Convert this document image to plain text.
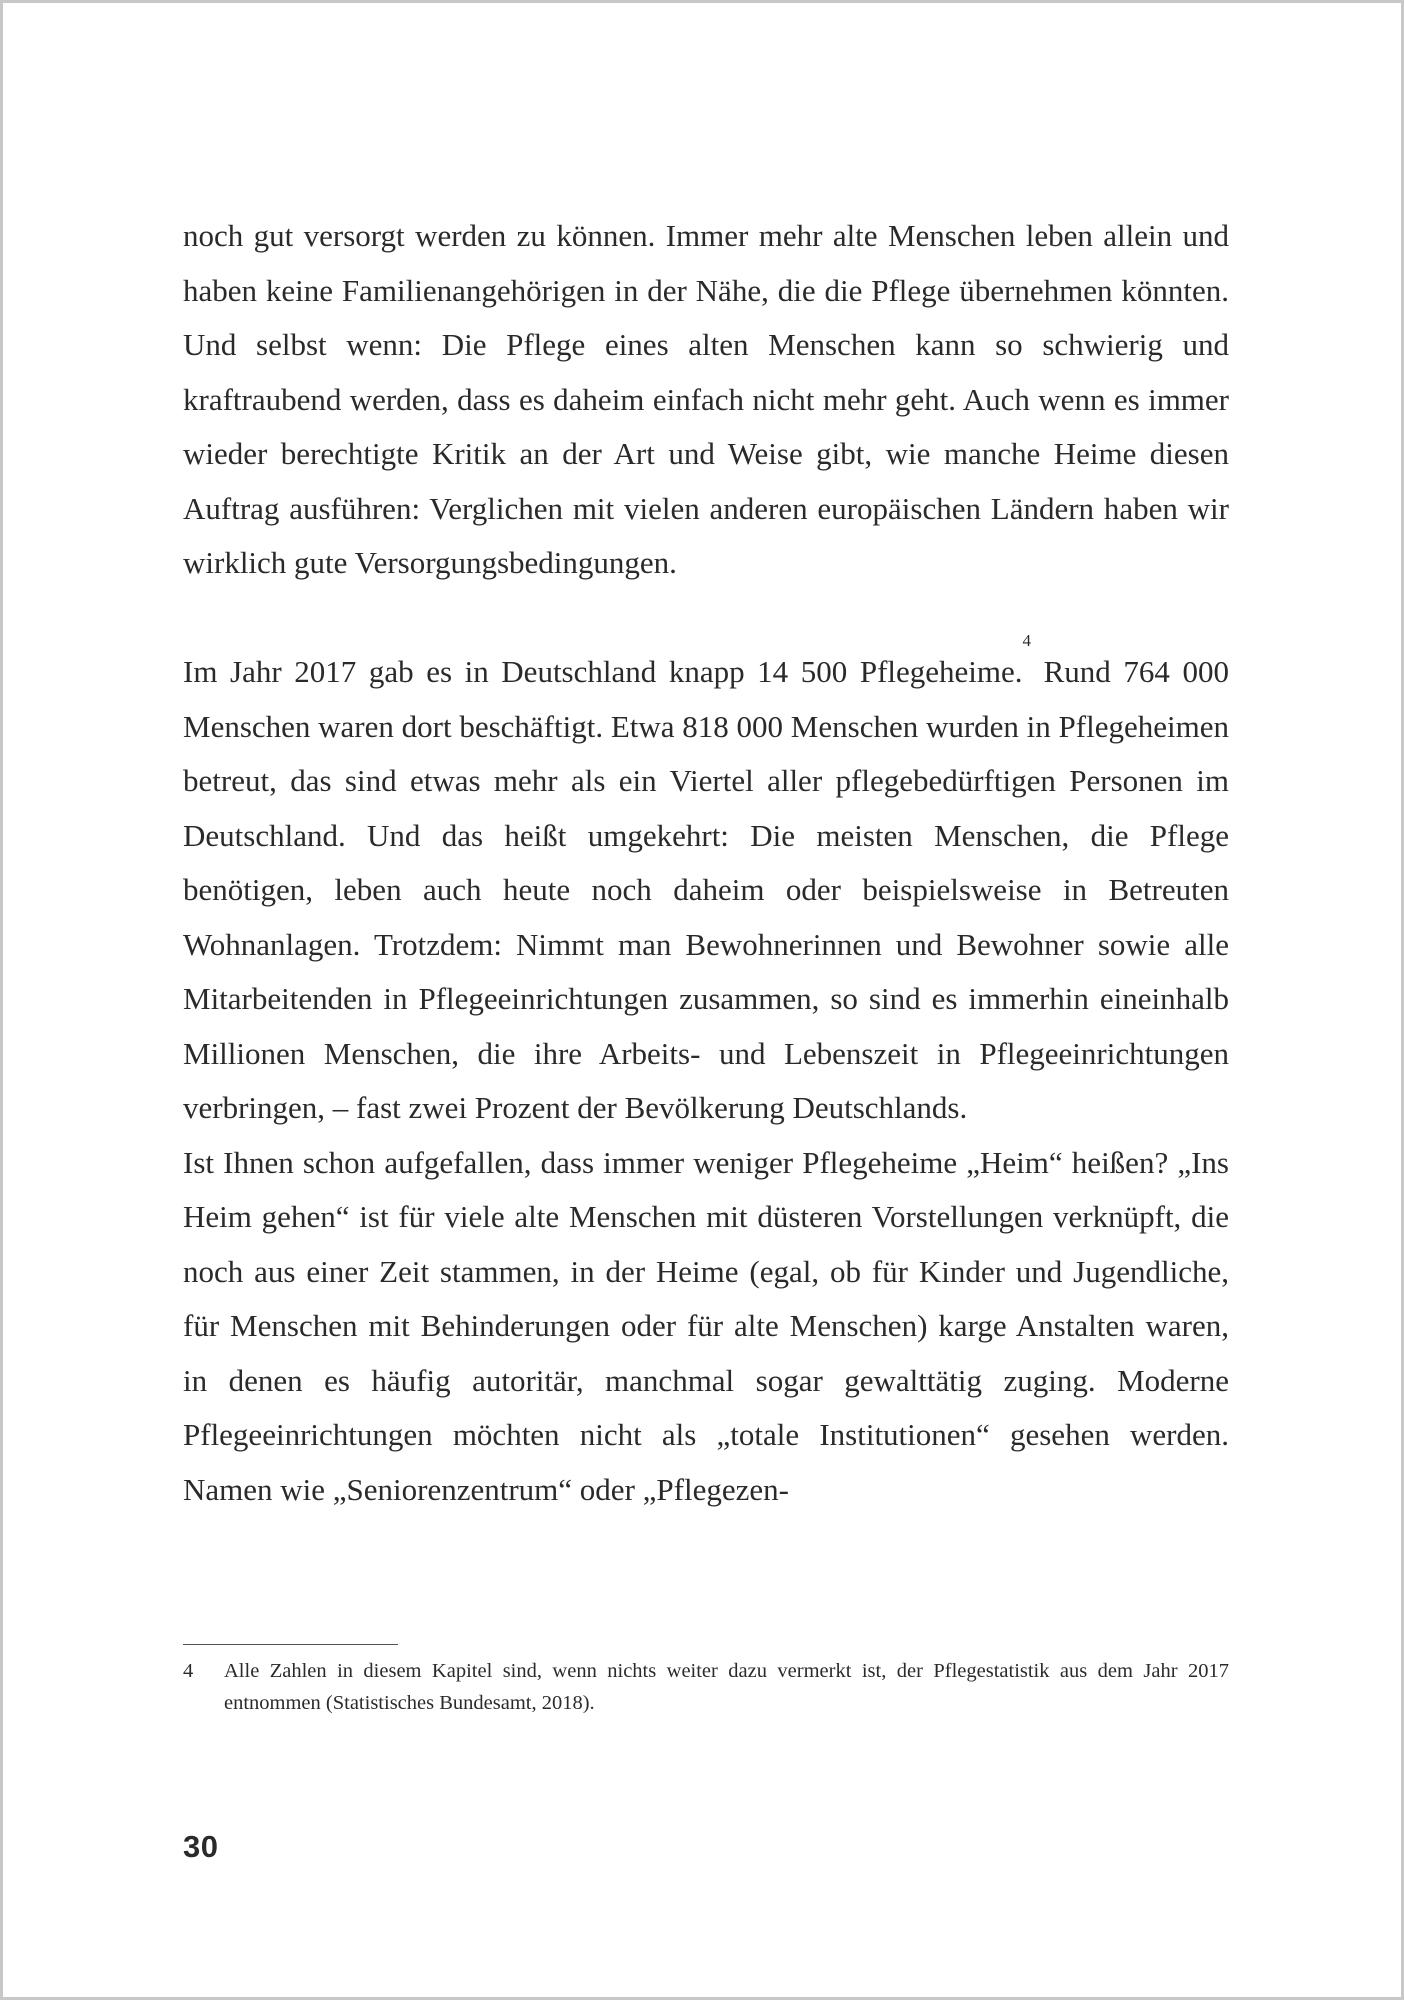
noch gut versorgt werden zu können. Immer mehr alte Menschen leben allein und haben keine Familienangehörigen in der Nähe, die die Pflege übernehmen könnten. Und selbst wenn: Die Pflege eines alten Menschen kann so schwierig und kraftraubend werden, dass es daheim einfach nicht mehr geht. Auch wenn es immer wieder berechtigte Kritik an der Art und Weise gibt, wie manche Heime diesen Auftrag ausführen: Verglichen mit vielen anderen europäischen Ländern haben wir wirklich gute Versorgungsbedingungen.

Im Jahr 2017 gab es in Deutschland knapp 14 500 Pflegeheime.$^4$ Rund 764 000 Menschen waren dort beschäftigt. Etwa 818 000 Menschen wurden in Pflegeheimen betreut, das sind etwas mehr als ein Viertel aller pflegebedürftigen Personen im Deutschland. Und das heißt umgekehrt: Die meisten Menschen, die Pflege benötigen, leben auch heute noch daheim oder beispielsweise in Betreuten Wohnanlagen. Trotzdem: Nimmt man Bewohnerinnen und Bewohner sowie alle Mitarbeitenden in Pflegeeinrichtungen zusammen, so sind es immerhin eineinhalb Millionen Menschen, die ihre Arbeits- und Lebenszeit in Pflegeeinrichtungen verbringen, – fast zwei Prozent der Bevölkerung Deutschlands.

Ist Ihnen schon aufgefallen, dass immer weniger Pflegeheime „Heim“ heißen? „Ins Heim gehen“ ist für viele alte Menschen mit düsteren Vorstellungen verknüpft, die noch aus einer Zeit stammen, in der Heime (egal, ob für Kinder und Jugendliche, für Menschen mit Behinderungen oder für alte Menschen) karge Anstalten waren, in denen es häufig autoritär, manchmal sogar gewalttätig zuging. Moderne Pflegeeinrichtungen möchten nicht als „totale Institutionen“ gesehen werden. Namen wie „Seniorenzentrum“ oder „Pflegezen-

4	Alle Zahlen in diesem Kapitel sind, wenn nichts weiter dazu vermerkt ist, der Pflegestatistik aus dem Jahr 2017 entnommen (Statistisches Bundesamt, 2018).
30
